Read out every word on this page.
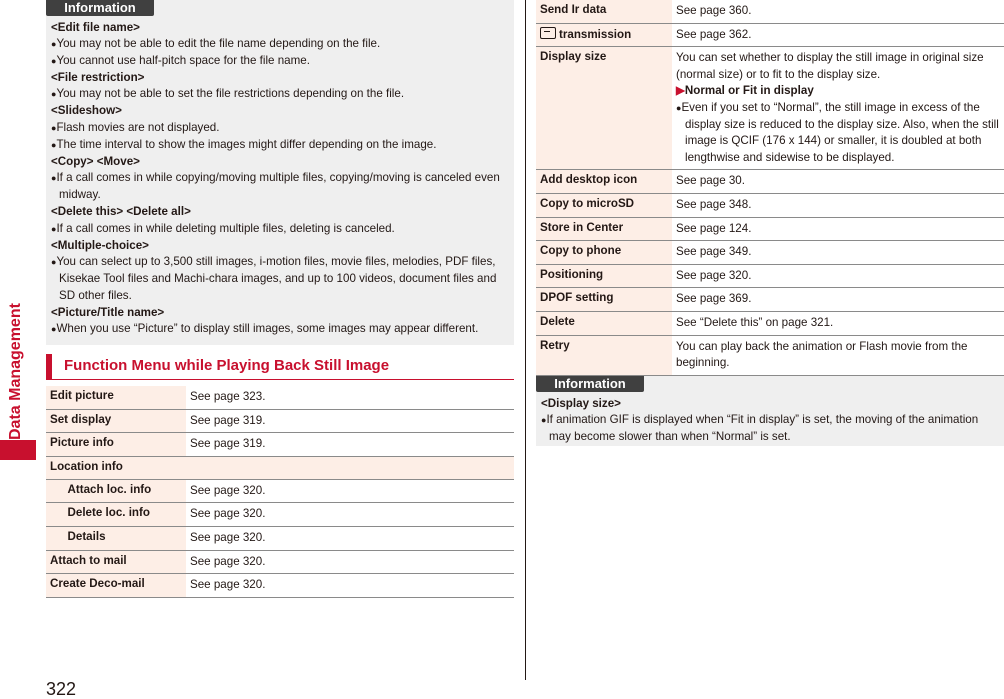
Data Management
Information
<Edit file name>
●You may not be able to edit the file name depending on the file.
●You cannot use half-pitch space for the file name.
<File restriction>
●You may not be able to set the file restrictions depending on the file.
<Slideshow>
●Flash movies are not displayed.
●The time interval to show the images might differ depending on the image.
<Copy> <Move>
●If a call comes in while copying/moving multiple files, copying/moving is canceled even midway.
<Delete this> <Delete all>
●If a call comes in while deleting multiple files, deleting is canceled.
<Multiple-choice>
●You can select up to 3,500 still images, i-motion files, movie files, melodies, PDF files, Kisekae Tool files and Machi-chara images, and up to 100 videos, document files and SD other files.
<Picture/Title name>
●When you use “Picture” to display still images, some images may appear different.
Function Menu while Playing Back Still Image
Edit picture		See page 323.
Set display		See page 319.
Picture info		See page 319.
Location info		
	Attach loc. info	See page 320.
	Delete loc. info	See page 320.
	Details	See page 320.
Attach to mail		See page 320.
Create Deco-mail		See page 320.
Send Ir data	See page 360.

transmission	See page 362.

Display size	You can set whether to display the still image in original size (normal size) or to fit to the display size.
▶Normal or Fit in display
●Even if you set to “Normal”, the still image in excess of the display size is reduced to the display size. Also, when the still image is QCIF (176 x 144) or smaller, it is doubled at both lengthwise and sidewise to be displayed.

Add desktop icon	See page 30.

Copy to microSD	See page 348.

Store in Center	See page 124.

Copy to phone	See page 349.

Positioning	See page 320.

DPOF setting	See page 369.

Delete	See “Delete this” on page 321.

Retry	You can play back the animation or Flash movie from the beginning.
Information
<Display size>
●If animation GIF is displayed when “Fit in display” is set, the moving of the animation may become slower than when “Normal” is set.
322
